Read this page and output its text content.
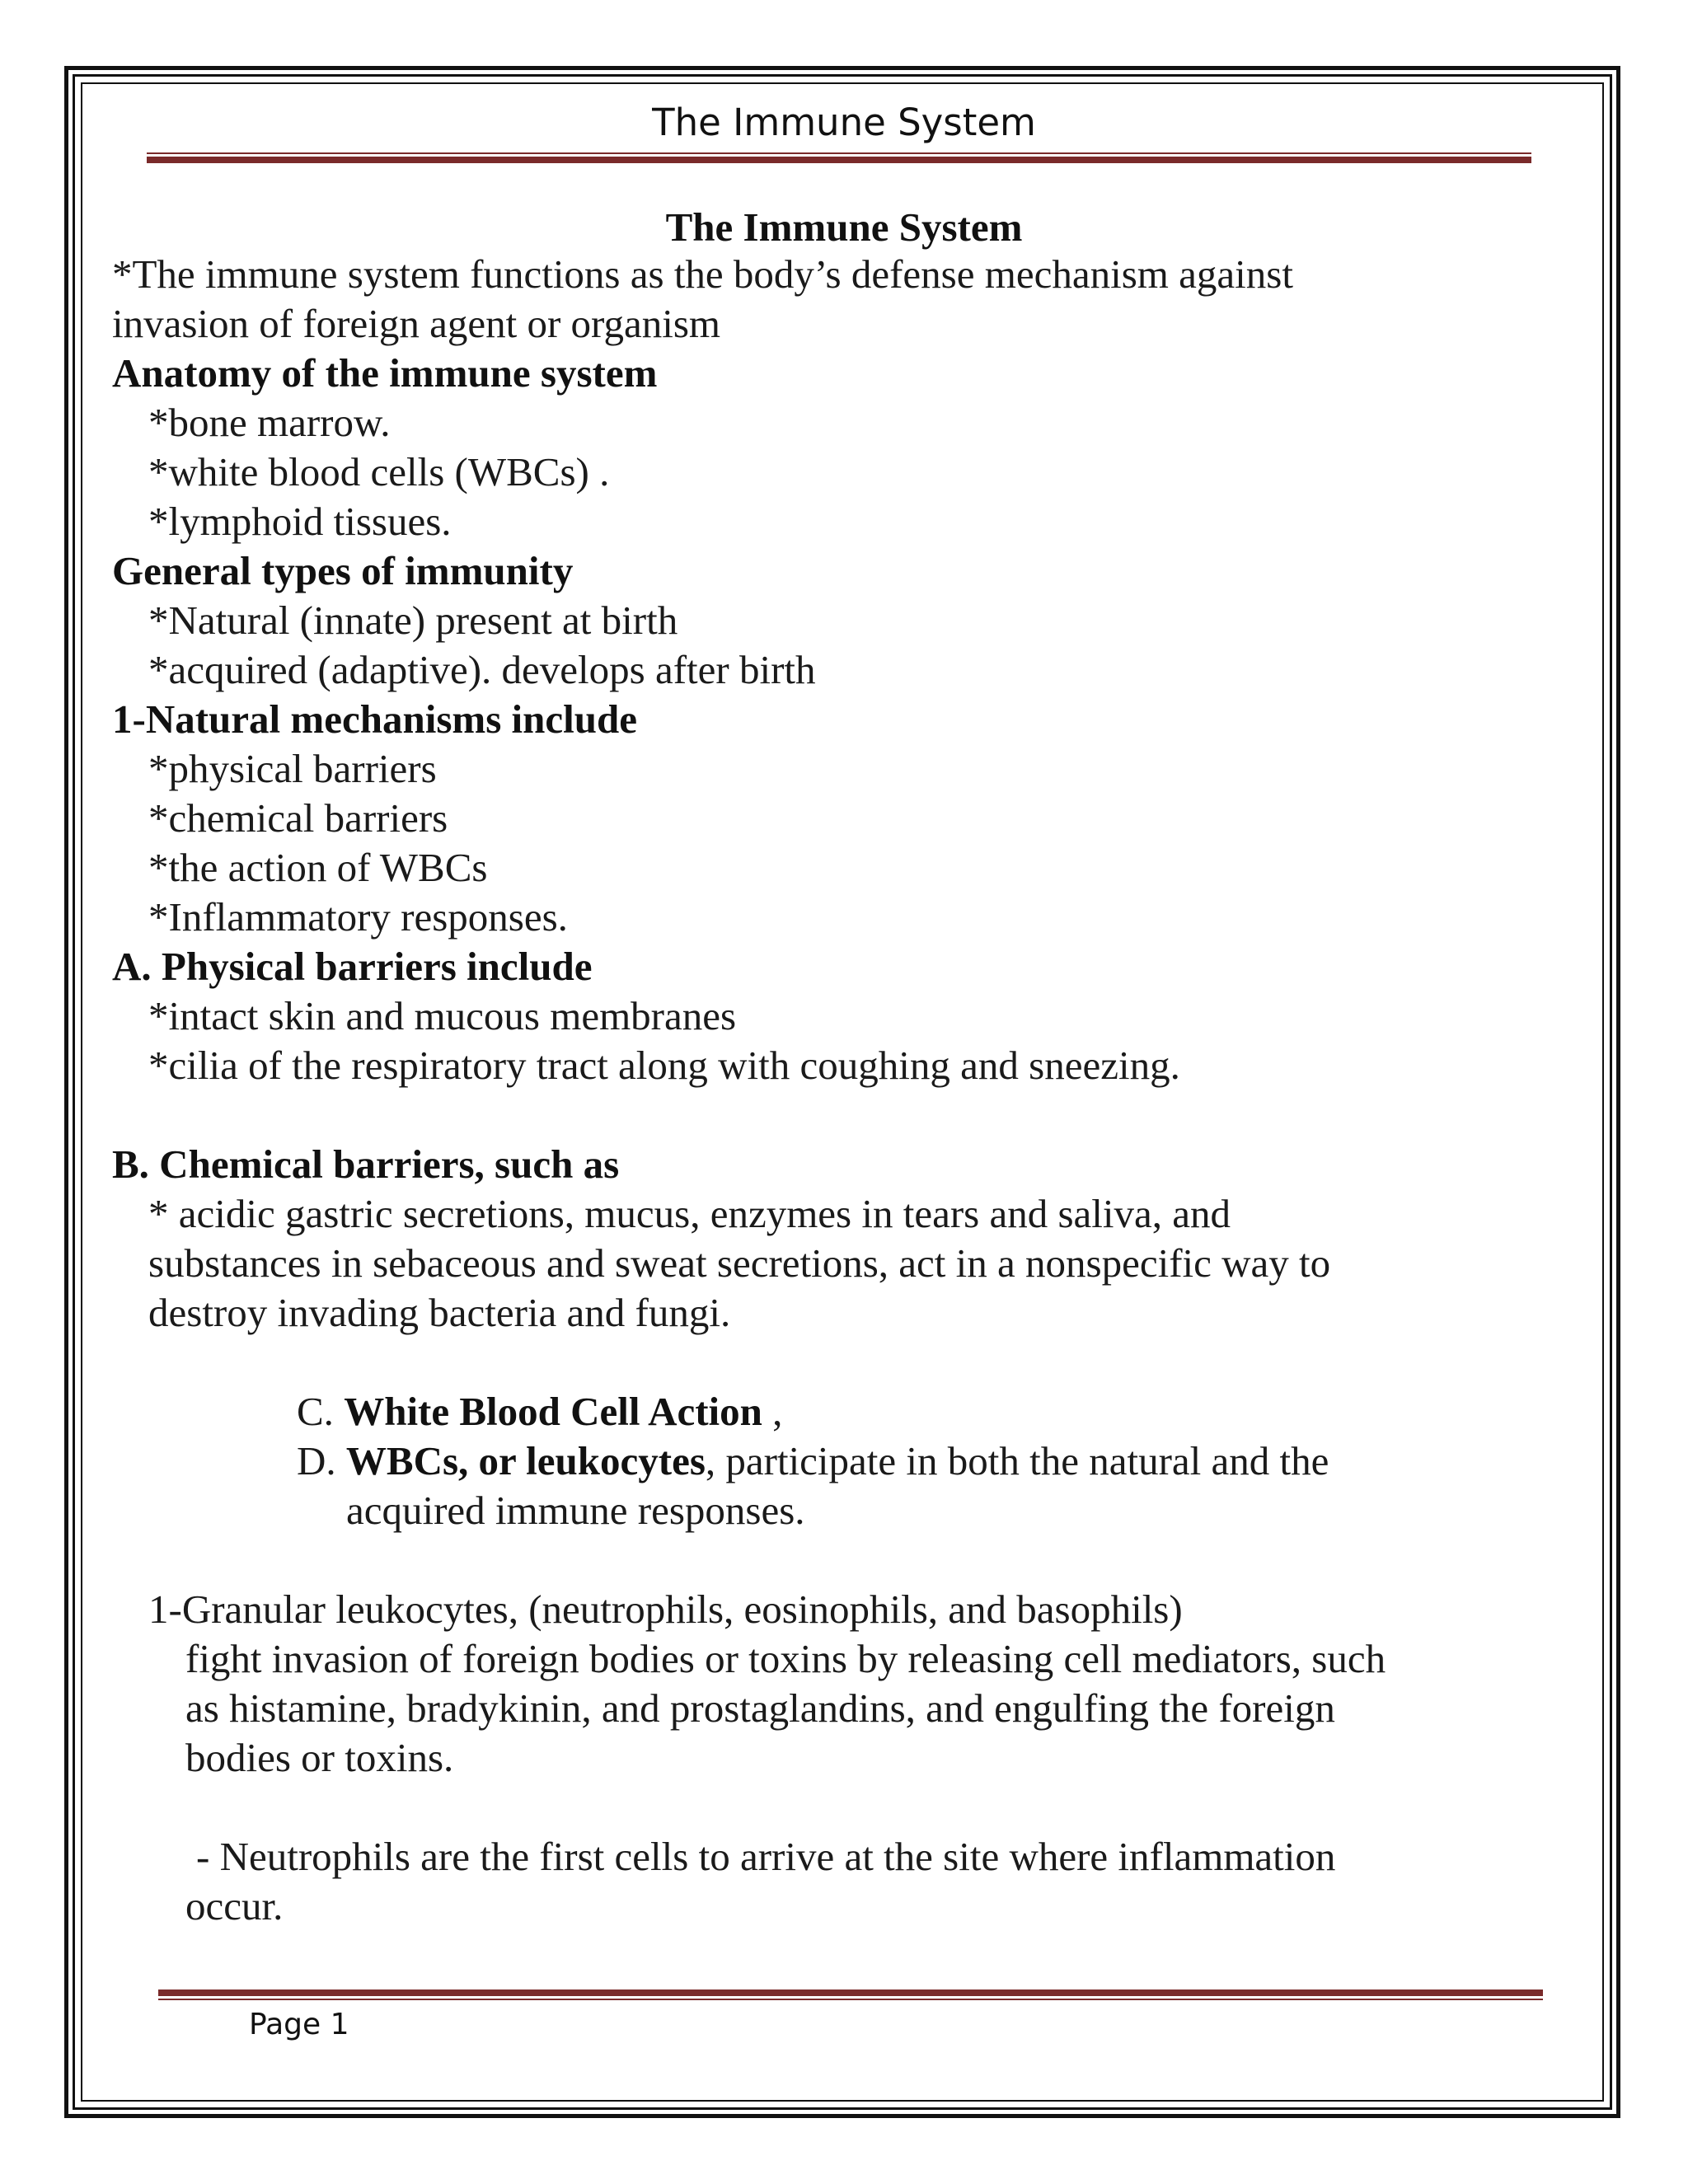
The Immune System
The Immune System
*The immune system functions as the body’s defense mechanism against
invasion of foreign agent or organism
Anatomy of the immune system
*bone marrow.
*white blood cells (WBCs) .
*lymphoid tissues.
General types of immunity
*Natural (innate) present at birth
*acquired (adaptive). develops after birth
1-Natural mechanisms include
*physical barriers
*chemical barriers
*the action of WBCs
*Inflammatory responses.
A. Physical barriers include
*intact skin and mucous membranes
*cilia of the respiratory tract along with coughing and sneezing.
B. Chemical barriers, such as
* acidic gastric secretions, mucus, enzymes in tears and saliva, and
substances in sebaceous and sweat secretions, act in a nonspecific way to
destroy invading bacteria and fungi.
C. White Blood Cell Action ,
D. WBCs, or leukocytes, participate in both the natural and the
acquired immune responses.
1-Granular leukocytes, (neutrophils, eosinophils, and basophils)
fight invasion of foreign bodies or toxins by releasing cell mediators, such
as histamine, bradykinin, and prostaglandins, and engulfing the foreign
bodies or toxins.
- Neutrophils are the first cells to arrive at the site where inflammation
occur.
Page 1
